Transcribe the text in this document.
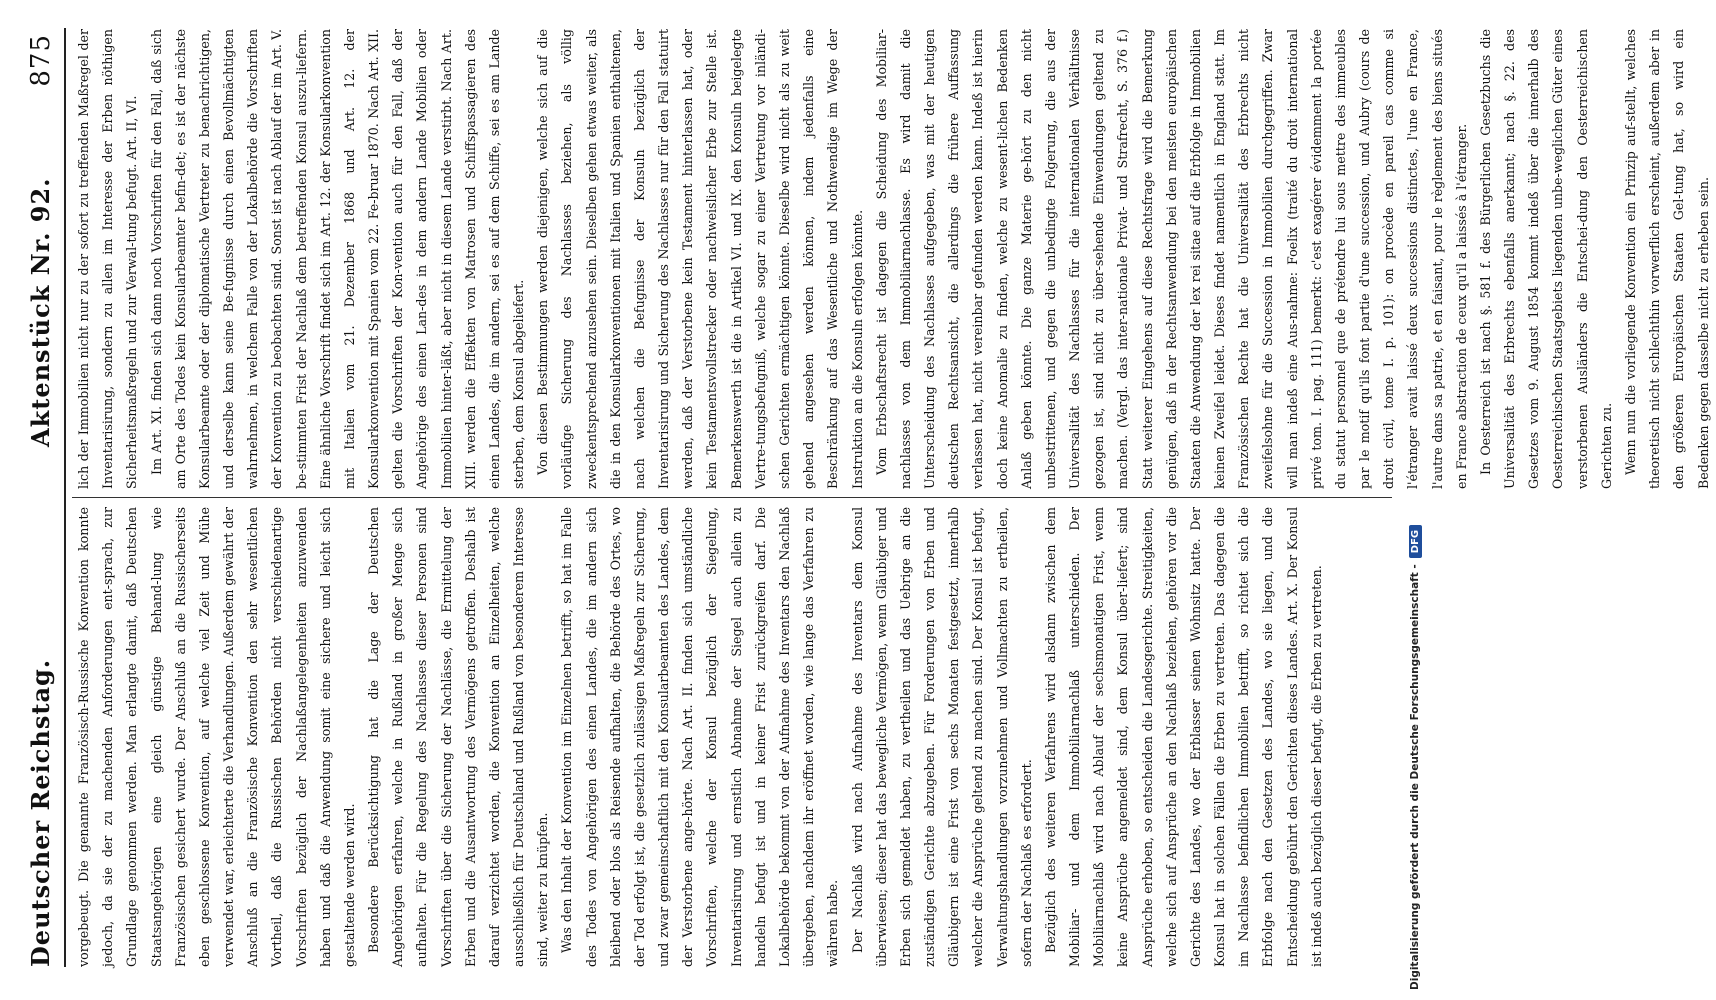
Deutscher Reichstag.
Aktenstück Nr. 92.
875

vorgebeugt. Die genannte Französisch-Russische Konvention konnte jedoch, da sie der zu machenden Anforderungen ent-sprach, zur Grundlage genommen werden. Man erlangte damit, daß Deutschen Staatsangehörigen eine gleich günstige Behand-lung wie Französischen gesichert wurde. Der Anschluß an die Russischerseits eben geschlossene Konvention, auf welche viel Zeit und Mühe verwendet war, erleichterte die Verhandlungen. Außerdem gewährt der Anschluß an die Französische Konvention den sehr wesentlichen Vortheil, daß die Russischen Behörden nicht verschiedenartige Vorschriften bezüglich der Nachlaßangelegenheiten anzuwenden haben und daß die Anwendung somit eine sichere und leicht sich gestaltende werden wird. Besondere Berücksichtigung hat die Lage der Deutschen Angehörigen erfahren, welche in Rußland in großer Menge sich aufhalten. Für die Regelung des Nachlasses dieser Personen sind Vorschriften über die Sicherung der Nachlässe, die Ermittelung der Erben und die Ausantwortung des Vermögens getroffen. Deshalb ist darauf verzichtet worden, die Konvention an Einzelheiten, welche ausschließlich für Deutschland und Rußland von besonderem Interesse sind, weiter zu knüpfen. Was den Inhalt der Konvention im Einzelnen betrifft, so hat im Falle des Todes von Angehörigen des einen Landes, die im andern sich bleibend oder blos als Reisende aufhalten, die Behörde des Ortes, wo der Tod erfolgt ist, die gesetzlich zulässigen Maßregeln zur Sicherung, und zwar gemeinschaftlich mit den Konsularbeamten des Landes, dem der Verstorbene ange-hörte. Nach Art. II. finden sich umständliche Vorschriften, welche der Konsul bezüglich der Siegelung, Inventarisirung und ernstlich Abnahme der Siegel auch allein zu handeln befugt ist und in keiner Frist zurückgreifen darf. Die Lokalbehörde bekommt von der Aufnahme des Inventars den Nachlaß übergeben, nachdem ihr eröffnet worden, wie lange das Verfahren zu währen habe. Der Nachlaß wird nach Aufnahme des Inventars dem Konsul überwiesen; dieser hat das bewegliche Vermögen, wenn Gläubiger und Erben sich gemeldet haben, zu vertheilen und das Uebrige an die zuständigen Gerichte abzugeben. Für Forderungen von Erben und Gläubigern ist eine Frist von sechs Monaten festgesetzt, innerhalb welcher die Ansprüche geltend zu machen sind. Der Konsul ist befugt, Verwaltungshandlungen vorzunehmen und Vollmachten zu ertheilen, sofern der Nachlaß es erfordert. Bezüglich des weiteren Verfahrens wird alsdann zwischen dem Mobiliar- und dem Immobiliarnachlaß unterschieden. Der Mobiliarnachlaß wird nach Ablauf der sechsmonatigen Frist, wenn keine Ansprüche angemeldet sind, dem Konsul über-liefert; sind Ansprüche erhoben, so entscheiden die Landesgerichte. Streitigkeiten, welche sich auf Ansprüche an den Nachlaß beziehen, gehören vor die Gerichte des Landes, wo der Erblasser seinen Wohnsitz hatte. Der Konsul hat in solchen Fällen die Erben zu vertreten. Das dagegen die im Nachlasse befindlichen Immobilien betrifft, so richtet sich die Erbfolge nach den Gesetzen des Landes, wo sie liegen, und die Entscheidung gebührt den Gerichten dieses Landes. Art. X. Der Konsul ist indeß auch bezüglich dieser befugt, die Erben zu vertreten.

lich der Immobilien nicht nur zu der sofort zu treffenden Maßregel der Inventarisirung, sondern zu allen im Interesse der Erben nöthigen Sicherheitsmaßregeln und zur Verwal-tung befugt. Art. II, VI. Im Art. XI. finden sich dann noch Vorschriften für den Fall, daß sich am Orte des Todes kein Konsularbeamter befin-det; es ist der nächste Konsularbeamte oder der diplomatische Vertreter zu benachrichtigen, und derselbe kann seine Be-fugnisse durch einen Bevollmächtigten wahrnehmen, in welchem Falle von der Lokalbehörde die Vorschriften der Konvention zu beobachten sind. Sonst ist nach Ablauf der im Art. V. be-stimmten Frist der Nachlaß dem betreffenden Konsul auszu-liefern. Eine ähnliche Vorschrift findet sich im Art. 12. der Konsularkonvention mit Italien vom 21. Dezember 1868 und Art. 12. der Konsularkonvention mit Spanien vom 22. Fe-bruar 1870. Nach Art. XII. gelten die Vorschriften der Kon-vention auch für den Fall, daß der Angehörige des einen Lan-des in dem andern Lande Mobilien oder Immobilien hinter-läßt, aber nicht in diesem Lande verstirbt. Nach Art. XIII. werden die Effekten von Matrosen und Schiffspassagieren des einen Landes, die im andern, sei es auf dem Schiffe, sei es am Lande sterben, dem Konsul abgeliefert. Von diesen Bestimmungen werden diejenigen, welche sich auf die vorläufige Sicherung des Nachlasses beziehen, als völlig zweckentsprechend anzusehen sein. Dieselben gehen etwas weiter, als die in den Konsularkonventionen mit Italien und Spanien enthaltenen, nach welchen die Befugnisse der Konsuln bezüglich der Inventarisirung und Sicherung des Nachlasses nur für den Fall statuirt werden, daß der Verstorbene kein Testament hinterlassen hat, oder kein Testamentsvollstrecker oder nachweislicher Erbe zur Stelle ist. Bemerkenswerth ist die in Artikel VI. und IX. den Konsuln beigelegte Vertre-tungsbefugniß, welche sogar zu einer Vertretung vor inländi-schen Gerichten ermächtigen könnte. Dieselbe wird nicht als zu weit gehend angesehen werden können, indem jedenfalls eine Beschränkung auf das Wesentliche und Nothwendige im Wege der Instruktion an die Konsuln erfolgen könnte. Vom Erbschaftsrecht ist dagegen die Scheidung des Mobiliar-nachlasses von dem Immobiliarnachlasse. Es wird damit die Unterscheidung des Nachlasses aufgegeben, was mit der heutigen deutschen Rechtsansicht, die allerdings die frühere Auffassung verlassen hat, nicht vereinbar gefunden werden kann. Indeß ist hierin doch keine Anomalie zu finden, welche zu wesent-lichen Bedenken Anlaß geben könnte. Die ganze Materie ge-hört zu den nicht unbestrittenen, und gegen die unbedingte Folgerung, die aus der Universalität des Nachlasses für die internationalen Verhältnisse gezogen ist, sind nicht zu über-sehende Einwendungen geltend zu machen. (Vergl. das inter-nationale Privat- und Strafrecht, S. 376 f.) Statt weiterer Eingehens auf diese Rechtsfrage wird die Bemerkung genügen, daß in der Rechtsanwendung bei den meisten europäischen Staaten die Anwendung der lex rei sitae auf die Erbfolge in Immobilien keinen Zweifel leidet. Dieses findet namentlich in England statt. Im Französischen Rechte hat die Universalität des Erbrechts nicht zweifelsohne für die Succession in Immobilien durchgegriffen. Zwar will man indeß eine Aus-nahme: Foelix (traité du droit international privé tom. I. pag. 111) bemerkt: c'est exagérer évidemment la portée du statut personnel que de prétendre lui sous mettre des immeubles par le motif qu'ils font partie d'une succession, und Aubry (cours de droit civil, tome I. p. 101): on procède en pareil cas comme si l'étranger avait laissé deux successions distinctes, l'une en France, l'autre dans sa patrie, et en faisant, pour le règlement des biens situés en France abstraction de ceux qu'il a laissés à l'étranger. In Oesterreich ist nach §. 581 f. des Bürgerlichen Gesetzbuchs die Universalität des Erbrechts ebenfalls anerkannt; nach §. 22. des Gesetzes vom 9. August 1854 kommt indeß über die innerhalb des Oesterreichischen Staatsgebiets liegenden unbe-weglichen Güter eines verstorbenen Ausländers die Entschei-dung den Oesterreichischen Gerichten zu. Wenn nun die vorliegende Konvention ein Prinzip auf-stellt, welches theoretisch nicht schlechthin vorwerflich erscheint, außerdem aber in den größeren Europäischen Staaten Gel-tung hat, so wird ein Bedenken gegen dasselbe nicht zu erheben sein.

Digitalisierung gefördert durch die Deutsche Forschungsgemeinschaft -
DFG
